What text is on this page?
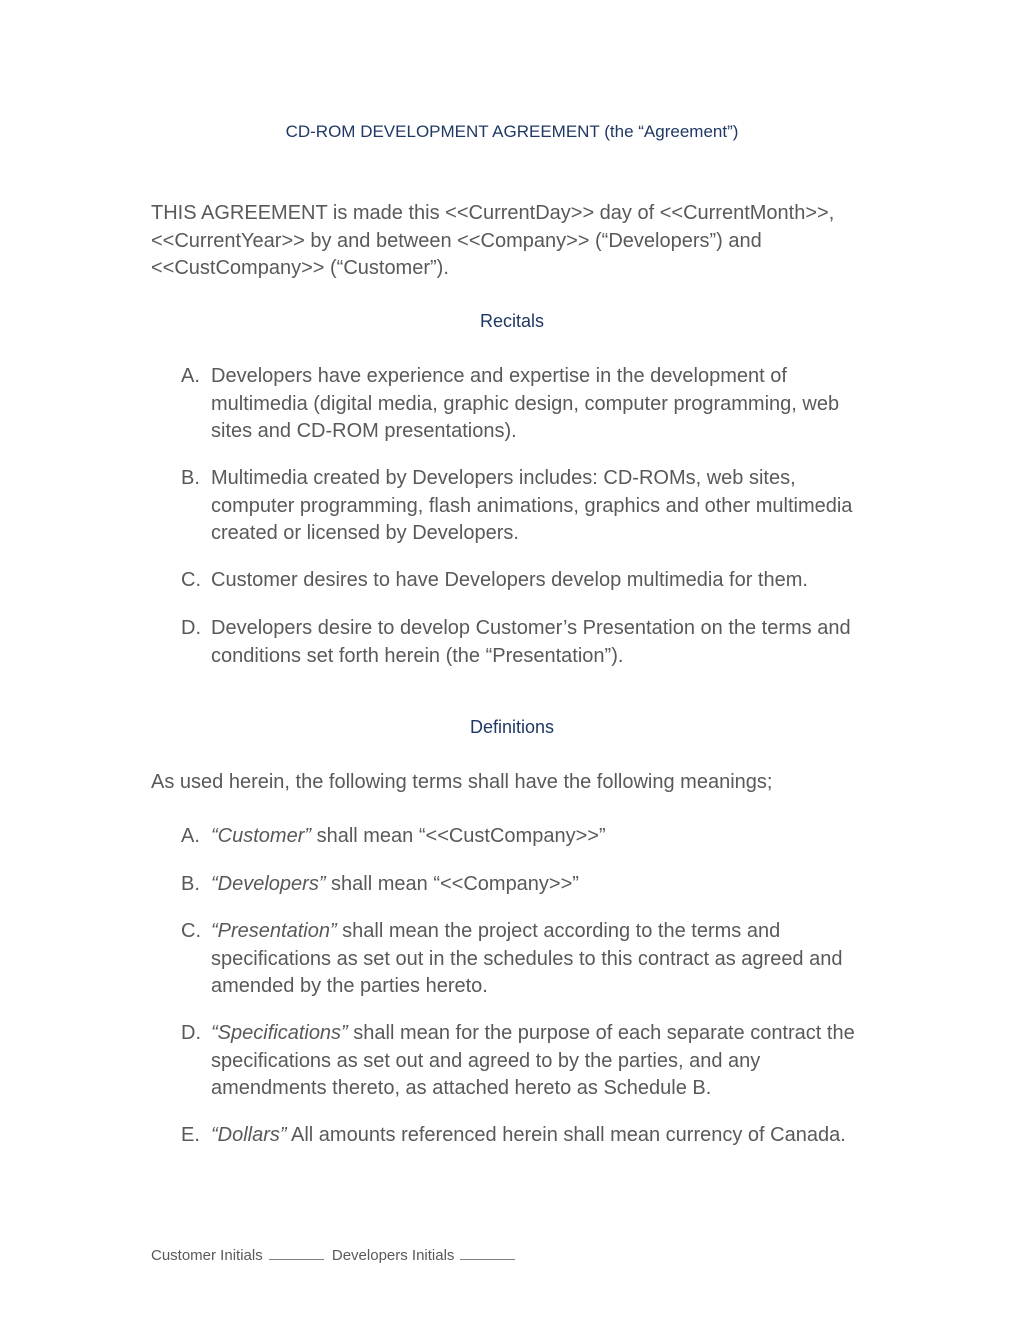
CD-ROM DEVELOPMENT AGREEMENT (the “Agreement”)

THIS AGREEMENT is made this <<CurrentDay>> day of <<CurrentMonth>>, <<CurrentYear>> by and between <<Company>> (“Developers”) and <<CustCompany>> (“Customer”).

Recitals
A. Developers have experience and expertise in the development of multimedia (digital media, graphic design, computer programming, web sites and CD-ROM presentations).
B. Multimedia created by Developers includes: CD-ROMs, web sites, computer programming, flash animations, graphics and other multimedia created or licensed by Developers.
C. Customer desires to have Developers develop multimedia for them.
D. Developers desire to develop Customer’s Presentation on the terms and conditions set forth herein (the “Presentation”).
Definitions

As used herein, the following terms shall have the following meanings;

A. “Customer” shall mean “<<CustCompany>>”
B. “Developers” shall mean “<<Company>>”
C. “Presentation” shall mean the project according to the terms and specifications as set out in the schedules to this contract as agreed and amended by the parties hereto.
D. “Specifications” shall mean for the purpose of each separate contract the specifications as set out and agreed to by the parties, and any amendments thereto, as attached hereto as Schedule B.
E. “Dollars” All amounts referenced herein shall mean currency of Canada.
Customer Initials	Developers Initials
